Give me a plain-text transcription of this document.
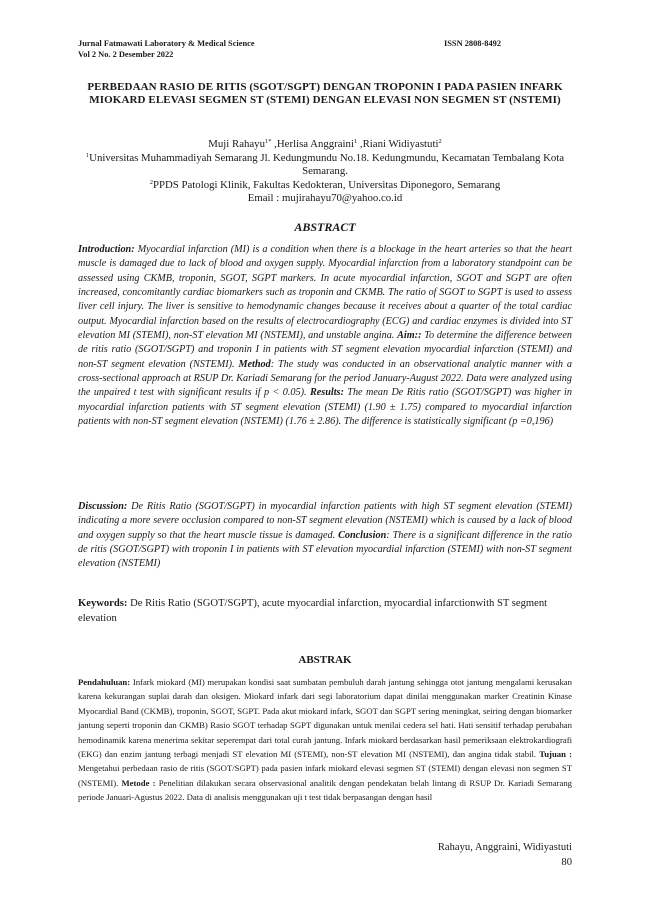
Jurnal Fatmawati Laboratory & Medical Science
Vol 2 No. 2 Desember 2022
ISSN 2808-8492
PERBEDAAN RASIO DE RITIS (SGOT/SGPT) DENGAN TROPONIN I PADA PASIEN INFARK MIOKARD ELEVASI SEGMEN ST (STEMI) DENGAN ELEVASI NON SEGMEN ST (NSTEMI)
Muji Rahayu$^{1*}$ ,Herlisa Anggraini$^1$ ,Riani Widiyastuti$^2$
$^1$Universitas Muhammadiyah Semarang Jl. Kedungmundu No.18. Kedungmundu, Kecamatan Tembalang Kota Semarang.
$^2$PPDS Patologi Klinik, Fakultas Kedokteran, Universitas Diponegoro, Semarang
Email : mujirahayu70@yahoo.co.id
ABSTRACT

Introduction: Myocardial infarction (MI) is a condition when there is a blockage in the heart arteries so that the heart muscle is damaged due to lack of blood and oxygen supply. Myocardial infarction from a laboratory standpoint can be assessed using CKMB, troponin, SGOT, SGPT markers. In acute myocardial infarction, SGOT and SGPT are often increased, concomitantly cardiac biomarkers such as troponin and CKMB. The ratio of SGOT to SGPT is used to assess liver cell injury. The liver is sensitive to hemodynamic changes because it receives about a quarter of the total cardiac output. Myocardial infarction based on the results of electrocardiography (ECG) and cardiac enzymes is divided into ST elevation MI (STEMI), non-ST elevation MI (NSTEMI), and unstable angina. Aim:: To determine the difference between de ritis ratio (SGOT/SGPT) and troponin I in patients with ST segment elevation myocardial infarction (STEMI) and non-ST segment elevation (NSTEMI). Method: The study was conducted in an observational analytic manner with a cross-sectional approach at RSUP Dr. Kariadi Semarang for the period January-August 2022. Data were analyzed using the unpaired t test with significant results if p < 0.05). Results: The mean De Ritis ratio (SGOT/SGPT) was higher in myocardial infarction patients with ST segment elevation (STEMI) (1.90 ± 1.75) compared to myocardial infarction patients with non-ST segment elevation (NSTEMI) (1.76 ± 2.86). The difference is statistically significant (p =0,196)

Discussion: De Ritis Ratio (SGOT/SGPT) in myocardial infarction patients with high ST segment elevation (STEMI) indicating a more severe occlusion compared to non-ST segment elevation (NSTEMI) which is caused by a lack of blood and oxygen supply so that the heart muscle tissue is damaged. Conclusion: There is a significant difference in the ratio de ritis (SGOT/SGPT) with troponin I in patients with ST elevation myocardial infarction (STEMI) with non-ST segment elevation (NSTEMI)

Keywords: De Ritis Ratio (SGOT/SGPT), acute myocardial infarction, myocardial infarctionwith ST segment elevation

ABSTRAK

Pendahuluan: Infark miokard (MI) merupakan kondisi saat sumbatan pembuluh darah jantung sehingga otot jantung mengalami kerusakan karena kekurangan suplai darah dan oksigen. Miokard infark dari segi laboratorium dapat dinilai menggunakan marker Creatinin Kinase Myocardial Band (CKMB), troponin, SGOT, SGPT. Pada akut miokard infark, SGOT dan SGPT sering meningkat, seiring dengan biomarker jantung seperti troponin dan CKMB) Rasio SGOT terhadap SGPT digunakan untuk menilai cedera sel hati. Hati sensitif terhadap perubahan hemodinamik karena menerima sekitar seperempat dari total curah jantung. Infark miokard berdasarkan hasil pemeriksaan elektrokardiografi (EKG) dan enzim jantung terbagi menjadi ST elevation MI (STEMI), non-ST elevation MI (NSTEMI), dan angina tidak stabil. Tujuan : Mengetahui perbedaan rasio de ritis (SGOT/SGPT) pada pasien infark miokard elevasi segmen ST (STEMI) dengan elevasi non segmen ST (NSTEMI). Metode : Penelitian dilakukan secara observasional analitik dengan pendekatan belah lintang di RSUP Dr. Kariadi Semarang periode Januari-Agustus 2022. Data di analisis menggunakan uji t test tidak berpasangan dengan hasil

Rahayu, Anggraini, Widiyastuti
80
